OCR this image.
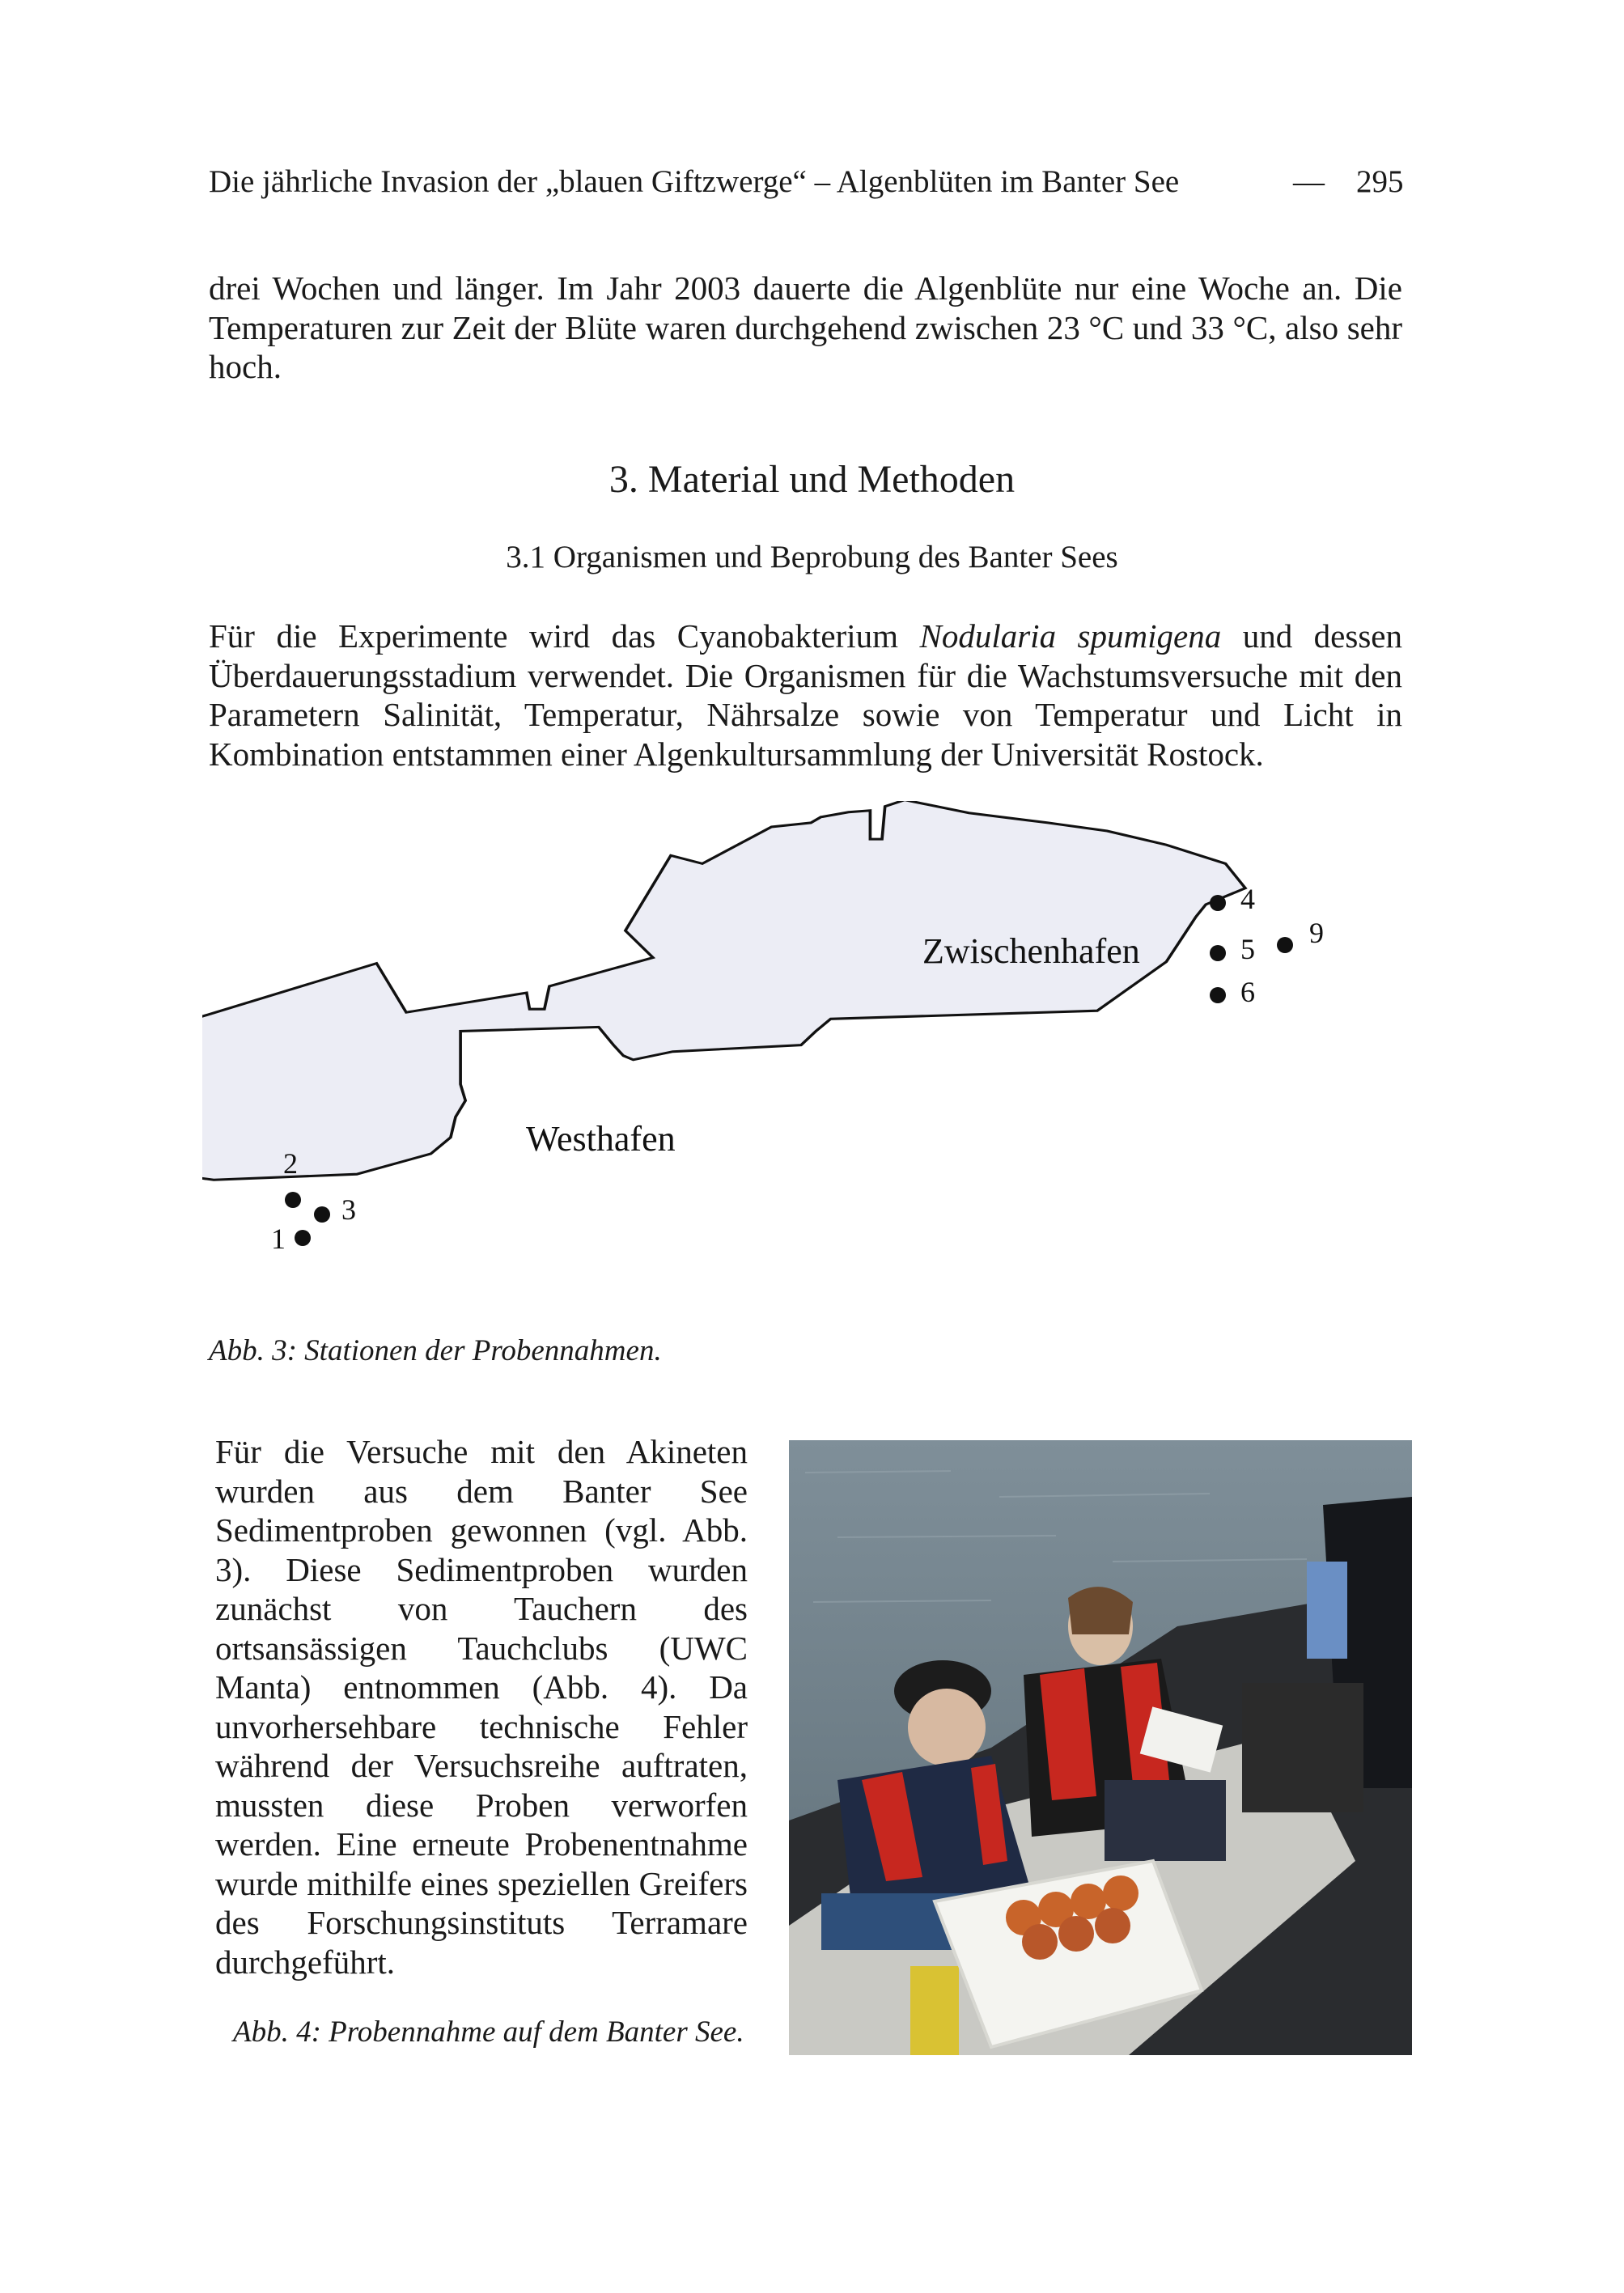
Die jährliche Invasion der „blauen Giftzwerge“ – Algenblüten im Banter See	— 295
drei Wochen und länger. Im Jahr 2003 dauerte die Algenblüte nur eine Woche an. Die Temperaturen zur Zeit der Blüte waren durchgehend zwischen 23 °C und 33 °C, also sehr hoch.
3. Material und Methoden
3.1 Organismen und Beprobung des Banter Sees
Für die Experimente wird das Cyanobakterium Nodularia spumigena und dessen Überdauerungsstadium verwendet. Die Organismen für die Wachstumsversuche mit den Parametern Salinität, Temperatur, Nährsalze sowie von Temperatur und Licht in Kombination entstammen einer Algenkultursammlung der Universität Rostock.
Westhafen
Zwischenhafen
1
2
3
4
5
6
9
Abb. 3: Stationen der Probennahmen.
Für die Versuche mit den Akineten wurden aus dem Banter See Sedimentproben gewonnen (vgl. Abb. 3). Diese Sedimentproben wurden zunächst von Tauchern des ortsansässigen Tauchclubs (UWC Manta) entnommen (Abb. 4). Da unvorhersehbare technische Fehler während der Versuchsreihe auftraten, mussten diese Proben verworfen werden. Eine erneute Probenentnahme wurde mithilfe eines speziellen Greifers des Forschungsinstituts Terramare durchgeführt.
Abb. 4: Probennahme auf dem Banter See.
